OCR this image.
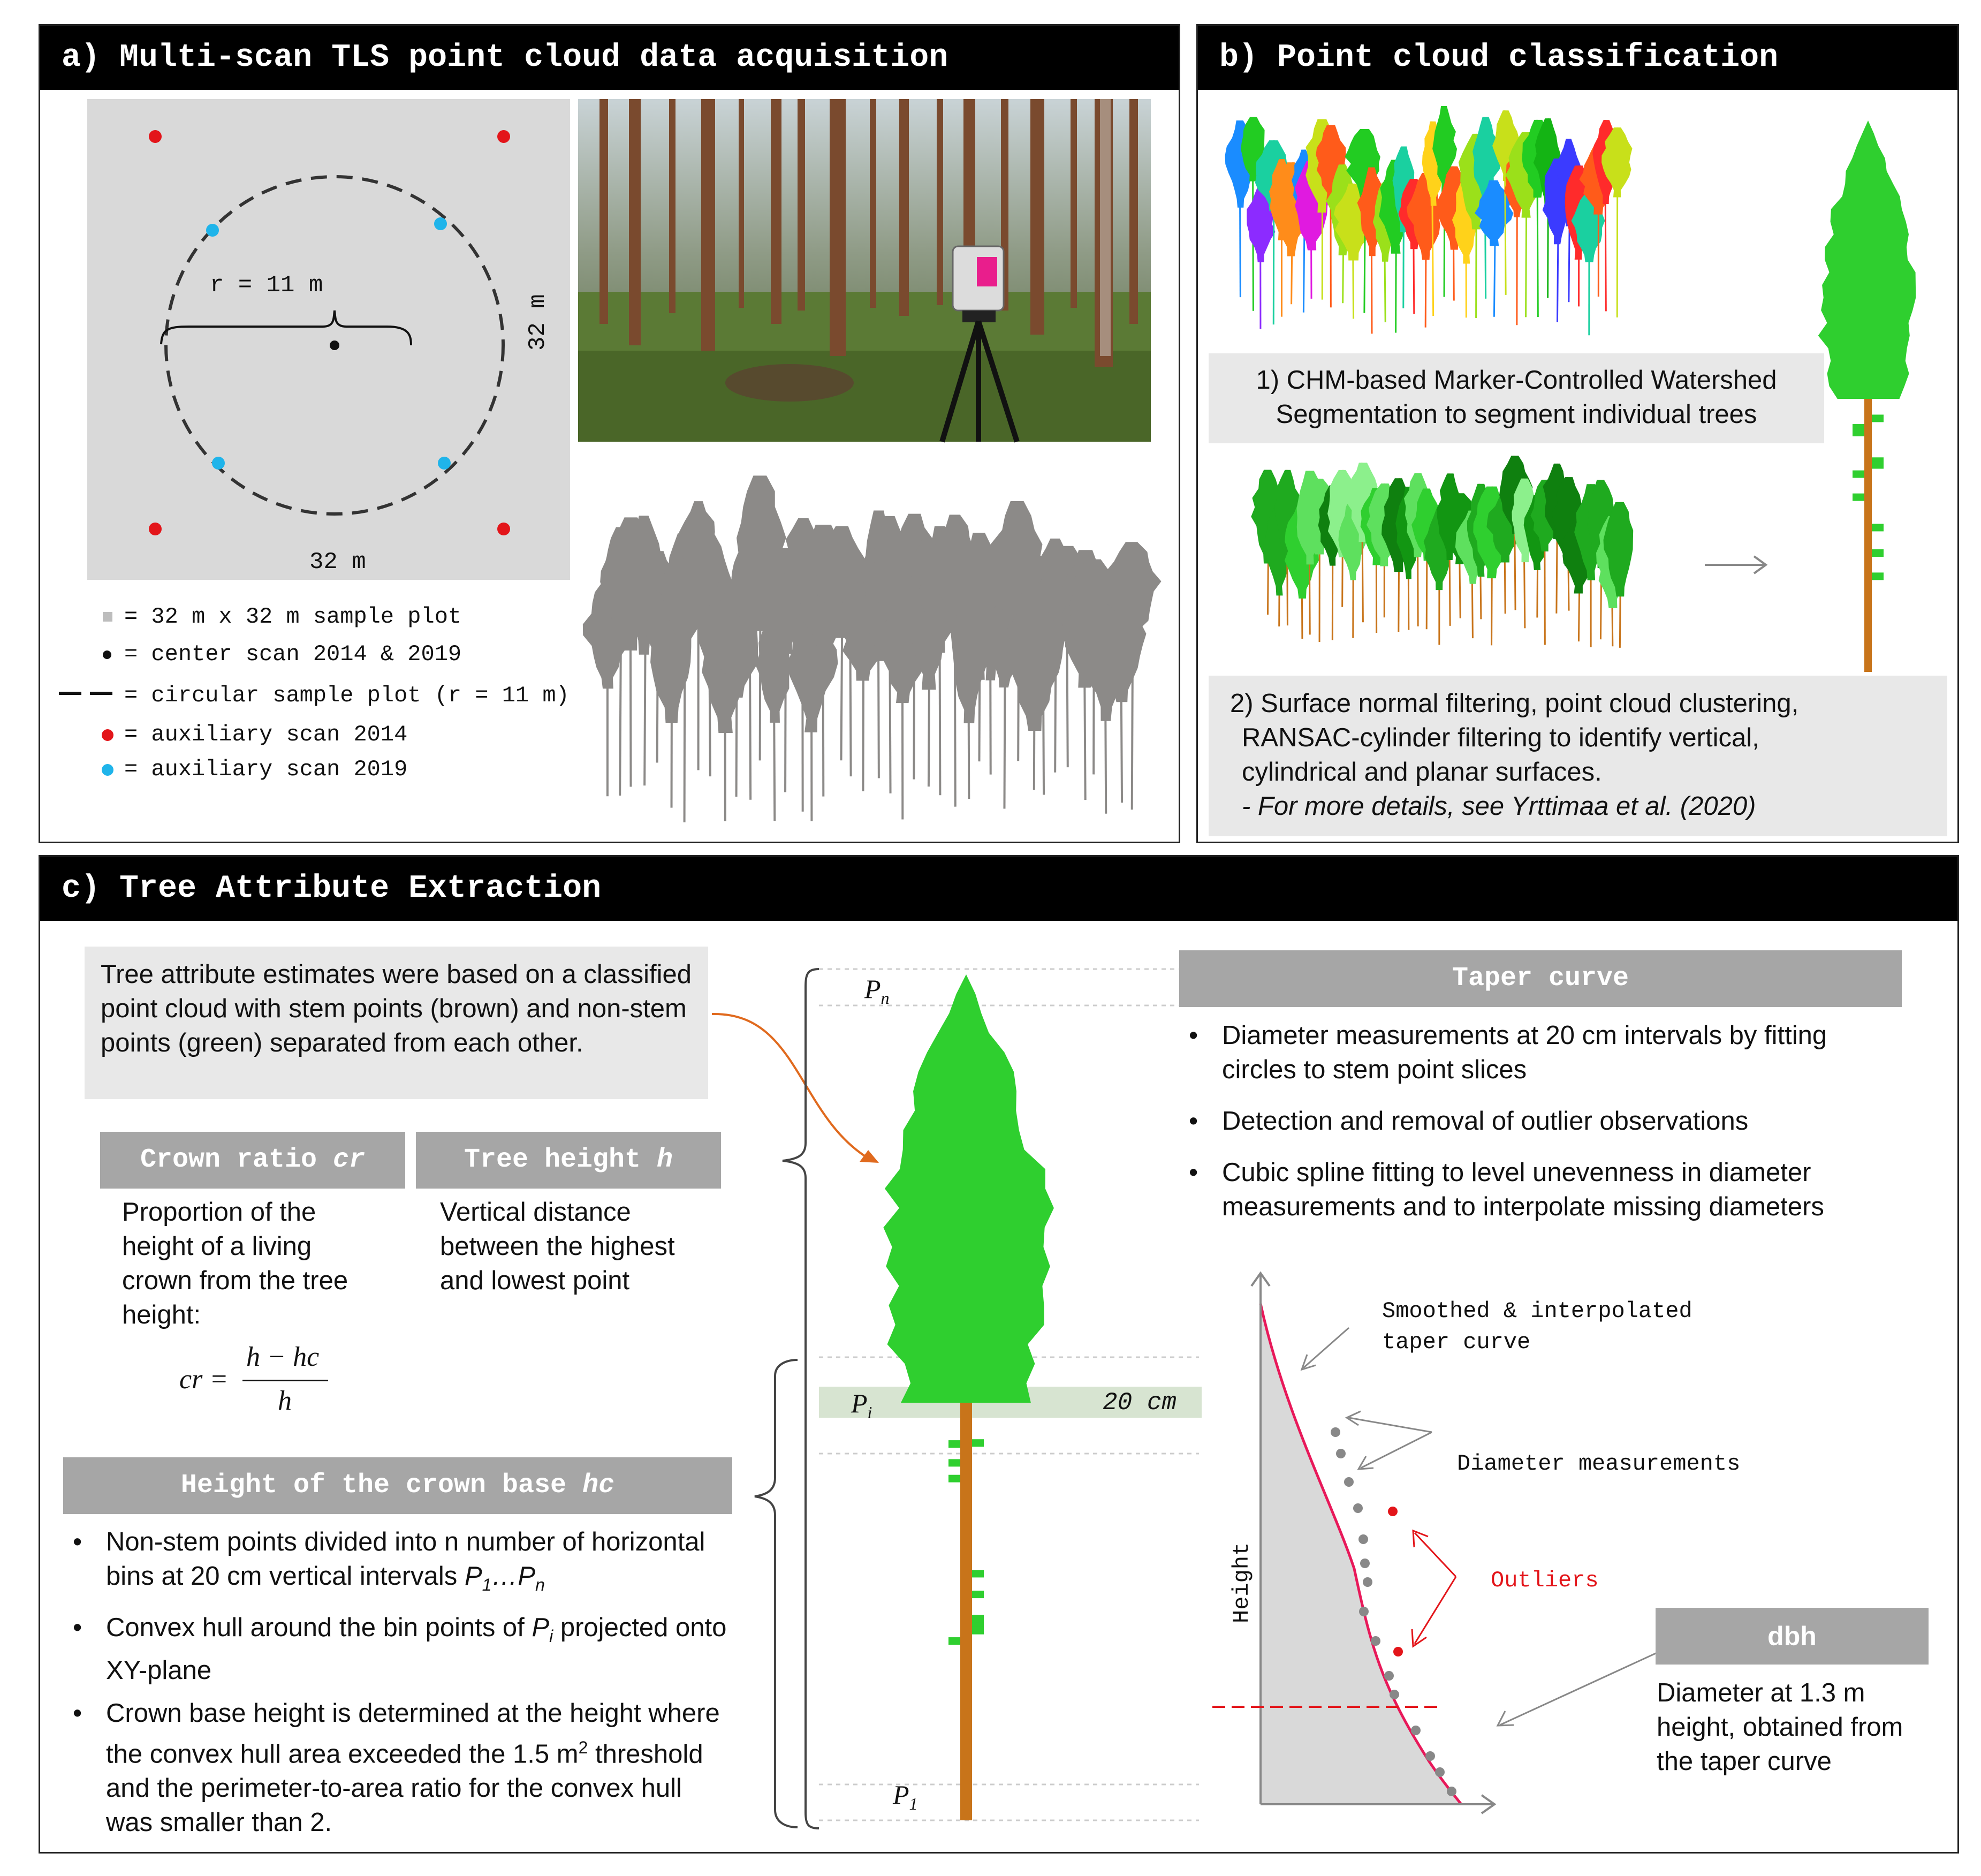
a) Multi-scan TLS point cloud data acquisition
r = 11 m
32 m
32 m
= 32 m x 32 m sample plot
= center scan 2014 & 2019
= circular sample plot (r = 11 m)
= auxiliary scan 2014
= auxiliary scan 2019
b) Point cloud classification
1) CHM-based Marker-Controlled Watershed
Segmentation to segment individual trees
2) Surface normal filtering, point cloud clustering,
RANSAC-cylinder filtering to identify vertical,
cylindrical and planar surfaces.
- For more details, see Yrttimaa et al. (2020)
c) Tree Attribute Extraction
Tree attribute estimates were based on a classified point cloud with stem points (brown) and non-stem points (green) separated from each other.
Crown ratio cr
Proportion of the height of a living crown from the tree height:
cr =
h − hc
h
Tree height h
Vertical distance between the highest and lowest point
Height of the crown base hc
• Non-stem points divided into n number of horizontal bins at 20 cm vertical intervals $P_1\dots P_n$
• Convex hull around the bin points of $P_i$ projected onto XY-plane
• Crown base height is determined at the height where the convex hull area exceeded the 1.5 $m^2$ threshold and the perimeter-to-area ratio for the convex hull was smaller than 2.
$P_n$
$P_i$	20 cm
$P_1$
Taper curve
• Diameter measurements at 20 cm intervals by fitting circles to stem point slices
• Detection and removal of outlier observations
• Cubic spline fitting to level unevenness in diameter measurements and to interpolate missing diameters
Smoothed & interpolated
taper curve
Diameter measurements
Outliers
Height
dbh
Diameter at 1.3 m height, obtained from the taper curve
